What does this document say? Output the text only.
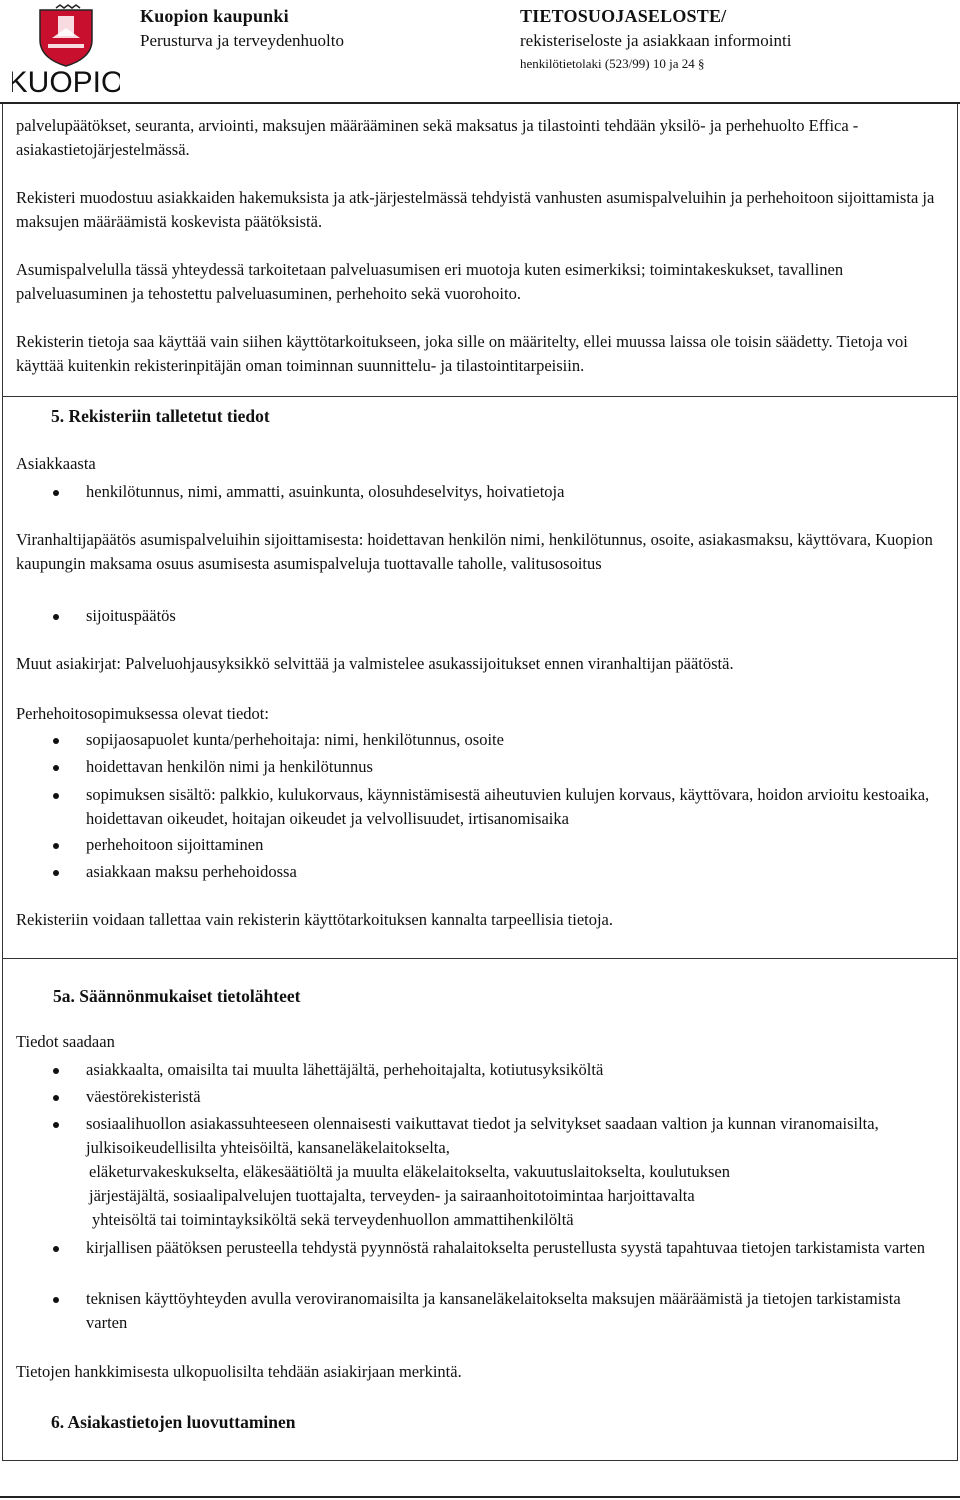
KUOPIO
Kuopion kaupunki
Perusturva ja terveydenhuolto
TIETOSUOJASELOSTE/
rekisteriseloste ja asiakkaan informointi
henkilötietolaki (523/99) 10 ja 24 §

palvelupäätökset, seuranta, arviointi, maksujen määrääminen sekä maksatus ja tilastointi tehdään yksilö- ja perhehuolto Effica -asiakastietojärjestelmässä.

Rekisteri muodostuu asiakkaiden hakemuksista ja atk-järjestelmässä tehdyistä vanhusten asumispalveluihin ja perhehoitoon sijoittamista ja maksujen määräämistä koskevista päätöksistä.

Asumispalvelulla tässä yhteydessä tarkoitetaan palveluasumisen eri muotoja kuten esimerkiksi; toimintakeskukset, tavallinen palveluasuminen ja tehostettu palveluasuminen, perhehoito sekä vuorohoito.

Rekisterin tietoja saa käyttää vain siihen käyttötarkoitukseen, joka sille on määritelty, ellei muussa laissa ole toisin säädetty. Tietoja voi käyttää kuitenkin rekisterinpitäjän oman toiminnan suunnittelu- ja tilastointitarpeisiin.

5. Rekisteriin talletetut tiedot

Asiakkaasta

henkilötunnus, nimi, ammatti, asuinkunta, olosuhdeselvitys, hoivatietoja

Viranhaltijapäätös asumispalveluihin sijoittamisesta: hoidettavan henkilön nimi, henkilötunnus, osoite, asiakasmaksu, käyttövara, Kuopion kaupungin maksama osuus asumisesta asumispalveluja tuottavalle taholle, valitusosoitus

sijoituspäätös

Muut asiakirjat: Palveluohjausyksikkö selvittää ja valmistelee asukassijoitukset ennen viranhaltijan päätöstä.

Perhehoitosopimuksessa olevat tiedot:

sopijaosapuolet kunta/perhehoitaja: nimi, henkilötunnus, osoite

hoidettavan henkilön nimi ja henkilötunnus

sopimuksen sisältö: palkkio, kulukorvaus, käynnistämisestä aiheutuvien kulujen korvaus, käyttövara, hoidon arvioitu kestoaika, hoidettavan oikeudet, hoitajan oikeudet ja velvollisuudet, irtisanomisaika

perhehoitoon sijoittaminen

asiakkaan maksu perhehoidossa

Rekisteriin voidaan tallettaa vain rekisterin käyttötarkoituksen kannalta tarpeellisia tietoja.

5a. Säännönmukaiset tietolähteet

Tiedot saadaan

asiakkaalta, omaisilta tai muulta lähettäjältä, perhehoitajalta, kotiutusyksiköltä

väestörekisteristä

sosiaalihuollon asiakassuhteeseen olennaisesti vaikuttavat tiedot ja selvitykset saadaan valtion ja kunnan viranomaisilta, julkisoikeudellisilta yhteisöiltä, kansaneläkelaitokselta,

eläketurvakeskukselta, eläkesäätiöltä ja muulta eläkelaitokselta, vakuutuslaitokselta, koulutuksen

järjestäjältä, sosiaalipalvelujen tuottajalta, terveyden- ja sairaanhoitotoimintaa harjoittavalta

yhteisöltä tai toimintayksiköltä sekä terveydenhuollon ammattihenkilöltä

kirjallisen päätöksen perusteella tehdystä pyynnöstä rahalaitokselta perustellusta syystä tapahtuvaa tietojen tarkistamista varten

teknisen käyttöyhteyden avulla veroviranomaisilta ja kansaneläkelaitokselta maksujen määräämistä ja tietojen tarkistamista varten

Tietojen hankkimisesta ulkopuolisilta tehdään asiakirjaan merkintä.

6. Asiakastietojen luovuttaminen
